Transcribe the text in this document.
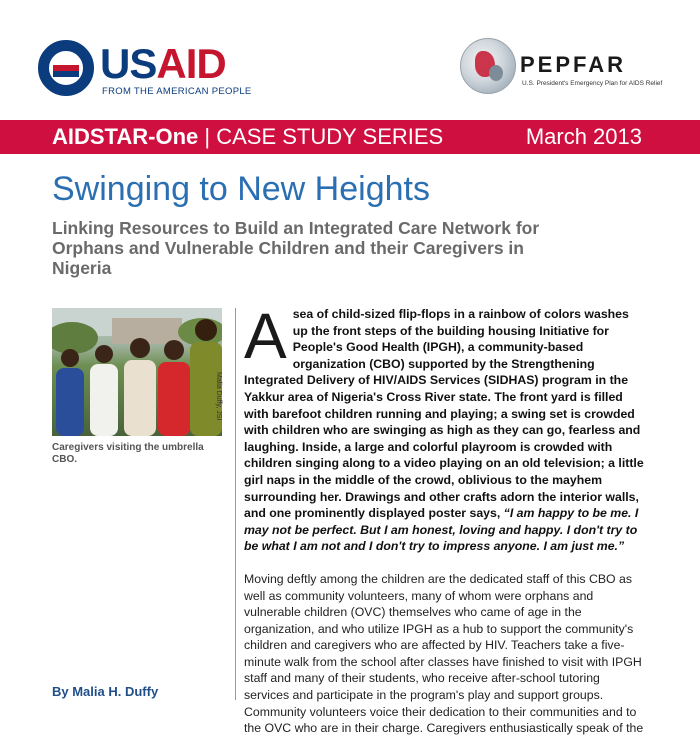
USAID
FROM THE AMERICAN PEOPLE
PEPFAR
U.S. President's Emergency Plan for AIDS Relief
AIDSTAR-One | CASE STUDY SERIES	March 2013
Swinging to New Heights
Linking Resources to Build an Integrated Care Network for Orphans and Vulnerable Children and their Caregivers in Nigeria
Malia Duffy, JSI
Caregivers visiting the umbrella CBO.

Asea of child-sized flip-flops in a rainbow of colors washes up the front steps of the building housing Initiative for People's Good Health (IPGH), a community-based organization (CBO) supported by the Strengthening Integrated Delivery of HIV/AIDS Services (SIDHAS) program in the Yakkur area of Nigeria's Cross River state. The front yard is filled with barefoot children running and playing; a swing set is crowded with children who are swinging as high as they can go, fearless and laughing. Inside, a large and colorful playroom is crowded with children singing along to a video playing on an old television; a little girl naps in the middle of the crowd, oblivious to the mayhem surrounding her. Drawings and other crafts adorn the interior walls, and one prominently displayed poster says, “I am happy to be me. I may not be perfect. But I am honest, loving and happy. I don't try to be what I am not and I don't try to impress anyone. I am just me.”

Moving deftly among the children are the dedicated staff of this CBO as well as community volunteers, many of whom were orphans and vulnerable children (OVC) themselves who came of age in the organization, and who utilize IPGH as a hub to support the community's children and caregivers who are affected by HIV. Teachers take a five-minute walk from the school after classes have finished to visit with IPGH staff and many of their students, who receive after-school tutoring services and participate in the program's play and support groups. Community volunteers voice their dedication to their communities and to the OVC who are in their charge. Caregivers enthusiastically speak of the

By Malia H. Duffy
